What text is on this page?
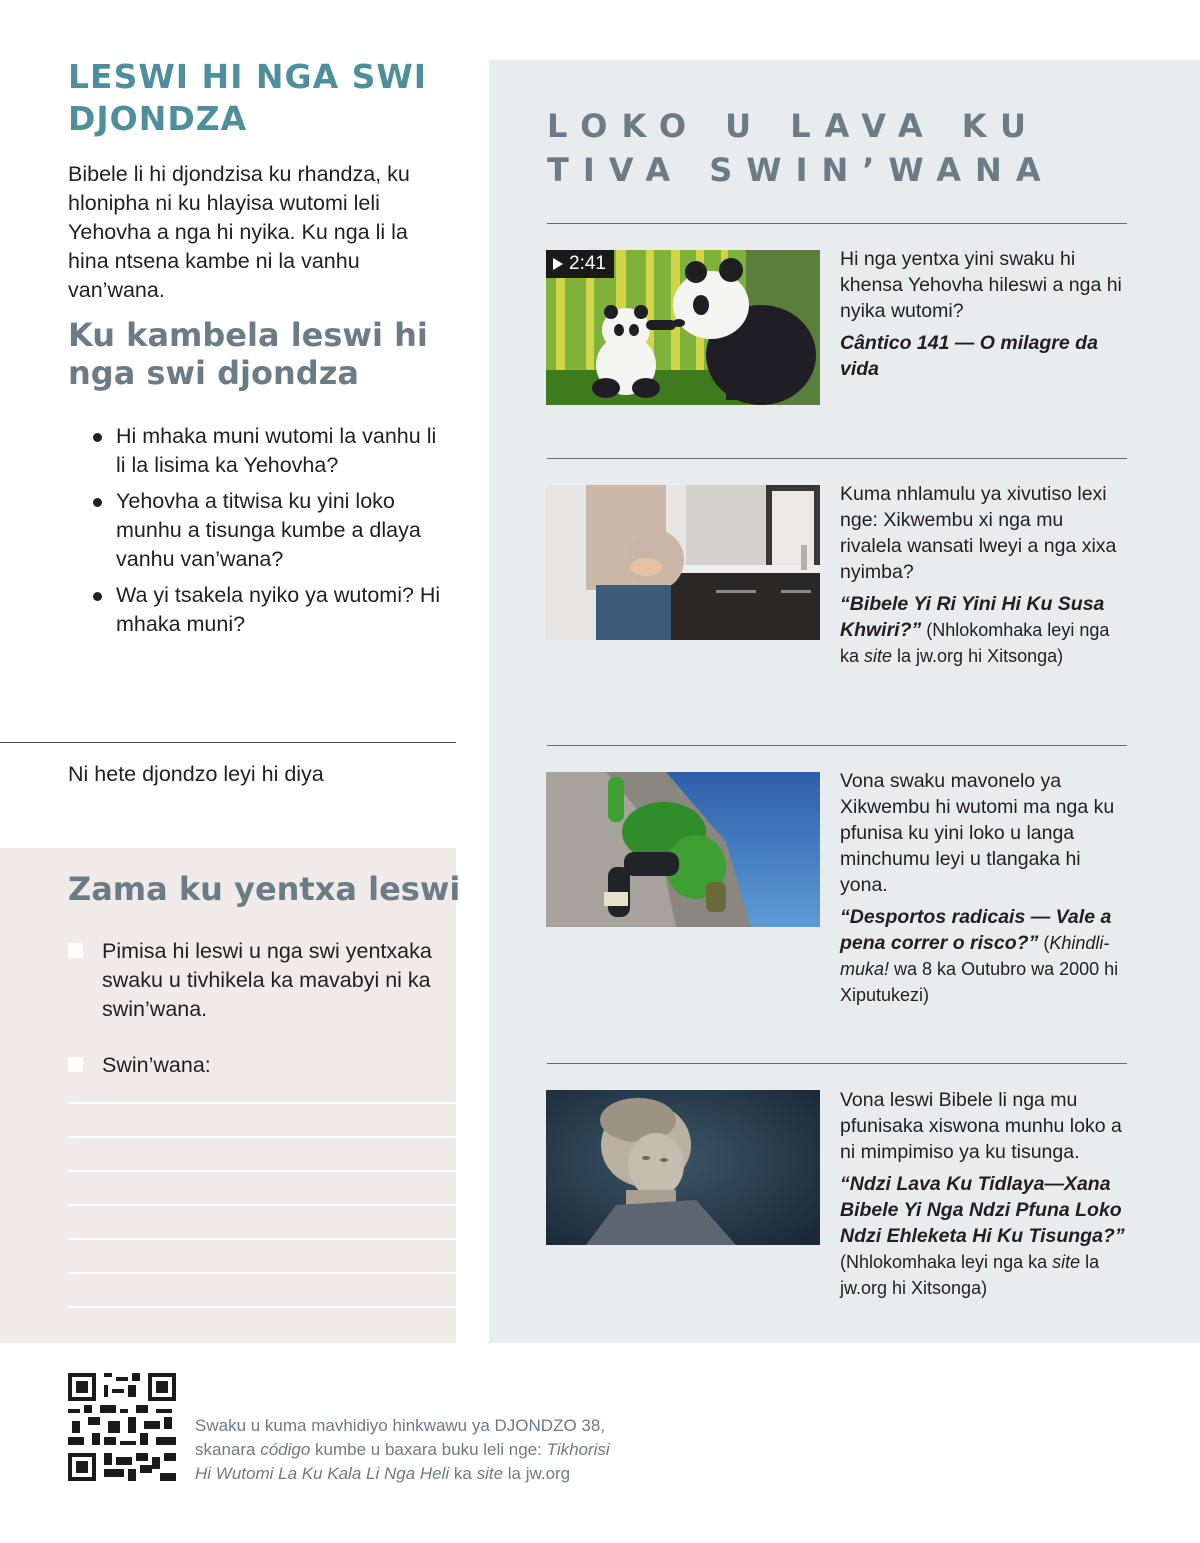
LESWI HI NGA SWI DJONDZA

Bibele li hi djondzisa ku rhandza, ku hlonipha ni ku hlayisa wutomi leli Yehovha a nga hi nyika. Ku nga li la hina ntsena kambe ni la vanhu van’wana.

Ku kambela leswi hi nga swi djondza
Hi mhaka muni wutomi la vanhu li li la lisima ka Yehovha?
Yehovha a titwisa ku yini loko munhu a tisunga kumbe a dlaya vanhu van’wana?
Wa yi tsakela nyiko ya wutomi? Hi mhaka muni?
Ni hete djondzo leyi hi diya
Zama ku yentxa leswi
Pimisa hi leswi u nga swi yentxaka swaku u tivhikela ka mavabyi ni ka swin’wana.
Swin’wana:
LOKO U LAVA KU TIVA SWIN’WANA
2:41	Hi nga yentxa yini swaku hi khensa Yehovha hileswi a nga hi nyika wutomi?

Cântico 141 — O milagre da vida

Kuma nhlamulu ya xivutiso lexi nge: Xikwembu xi nga mu rivalela wansati lweyi a nga xixa nyimba?

“Bibele Yi Ri Yini Hi Ku Susa Khwiri?” (Nhlokomhaka leyi nga ka site la jw.org hi Xitsonga)

Vona swaku mavonelo ya Xikwembu hi wutomi ma nga ku pfunisa ku yini loko u langa minchumu leyi u tlangaka hi yona.

“Desportos radicais — Vale a pena correr o risco?” (Khindli-muka! wa 8 ka Outubro wa 2000 hi Xiputukezi)

Vona leswi Bibele li nga mu pfunisaka xiswona munhu loko a ni mimpimiso ya ku tisunga.

“Ndzi Lava Ku Tidlaya—Xana Bibele Yi Nga Ndzi Pfuna Loko Ndzi Ehleketa Hi Ku Tisunga?” (Nhlokomhaka leyi nga ka site la jw.org hi Xitsonga)

Swaku u kuma mavhidiyo hinkwawu ya DJONDZO 38,

skanara código kumbe u baxara buku leli nge: Tikhorisi

Hi Wutomi La Ku Kala Li Nga Heli ka site la jw.org
